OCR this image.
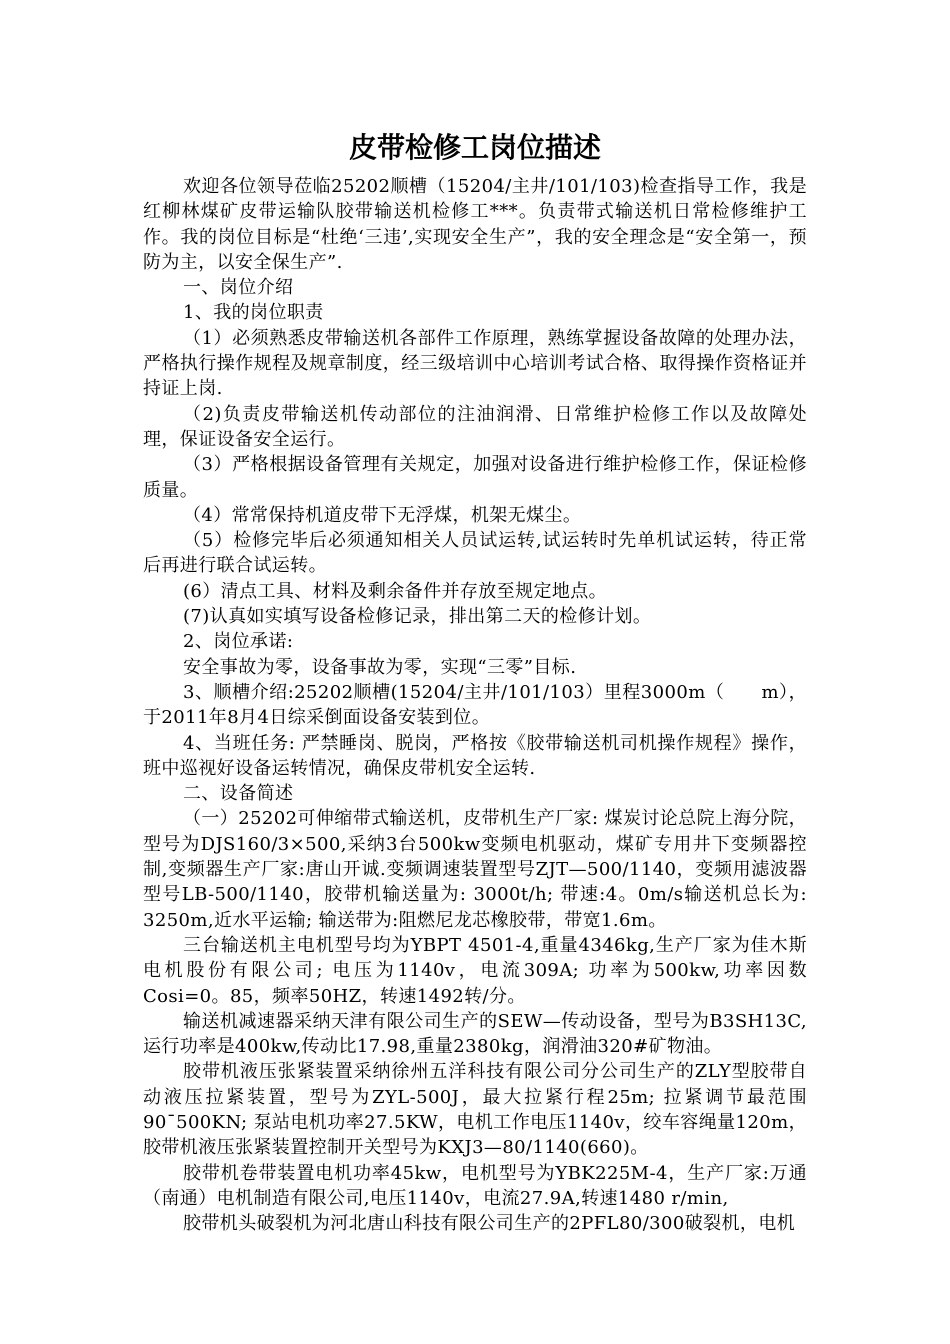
皮带检修工岗位描述

欢迎各位领导莅临25202顺槽（15204/主井/101/103)检查指导工作，我是红柳林煤矿皮带运输队胶带输送机检修工***。负责带式输送机日常检修维护工作。我的岗位目标是“杜绝‘三违’,实现安全生产”，我的安全理念是“安全第一，预防为主，以安全保生产”.

一、岗位介绍

1、我的岗位职责

（1）必须熟悉皮带输送机各部件工作原理，熟练掌握设备故障的处理办法，严格执行操作规程及规章制度，经三级培训中心培训考试合格、取得操作资格证并持证上岗.

（2)负责皮带输送机传动部位的注油润滑、日常维护检修工作以及故障处理，保证设备安全运行。

（3）严格根据设备管理有关规定，加强对设备进行维护检修工作，保证检修质量。

（4）常常保持机道皮带下无浮煤，机架无煤尘。

（5）检修完毕后必须通知相关人员试运转,试运转时先单机试运转，待正常后再进行联合试运转。

(6）清点工具、材料及剩余备件并存放至规定地点。

(7)认真如实填写设备检修记录，排出第二天的检修计划。

2、岗位承诺:

安全事故为零，设备事故为零，实现“三零”目标.

3、顺槽介绍:25202顺槽(15204/主井/101/103）里程3000m（　　m），于2011年8月4日综采倒面设备安装到位。

4、当班任务: 严禁睡岗、脱岗，严格按《胶带输送机司机操作规程》操作，班中巡视好设备运转情况，确保皮带机安全运转.

二、设备简述

（一）25202可伸缩带式输送机，皮带机生产厂家: 煤炭讨论总院上海分院，型号为DJS160/3×500,采纳3台500kw变频电机驱动，煤矿专用井下变频器控制,变频器生产厂家:唐山开诚.变频调速装置型号ZJT—500/1140，变频用滤波器型号LB-500/1140，胶带机输送量为: 3000t/h; 带速:4。0m/s输送机总长为: 3250m,近水平运输; 输送带为:阻燃尼龙芯橡胶带，带宽1.6m。

三台输送机主电机型号均为YBPT 4501-4,重量4346kg,生产厂家为佳木斯电机股份有限公司; 电压为1140v，电流309A; 功率为500kw,功率因数Cosi=0。85，频率50HZ，转速1492转/分。

输送机减速器采纳天津有限公司生产的SEW—传动设备，型号为B3SH13C,运行功率是400kw,传动比17.98,重量2380kg，润滑油320#矿物油。

胶带机液压张紧装置采纳徐州五洋科技有限公司分公司生产的ZLY型胶带自动液压拉紧装置，型号为ZYL-500J，最大拉紧行程25m; 拉紧调节最范围90¯500KN; 泵站电机功率27.5KW，电机工作电压1140v，绞车容绳量120m，胶带机液压张紧装置控制开关型号为KXJ3—80/1140(660)。

胶带机卷带装置电机功率45kw，电机型号为YBK225M-4，生产厂家:万通（南通）电机制造有限公司,电压1140v，电流27.9A,转速1480 r/min,

胶带机头破裂机为河北唐山科技有限公司生产的2PFL80/300破裂机，电机
